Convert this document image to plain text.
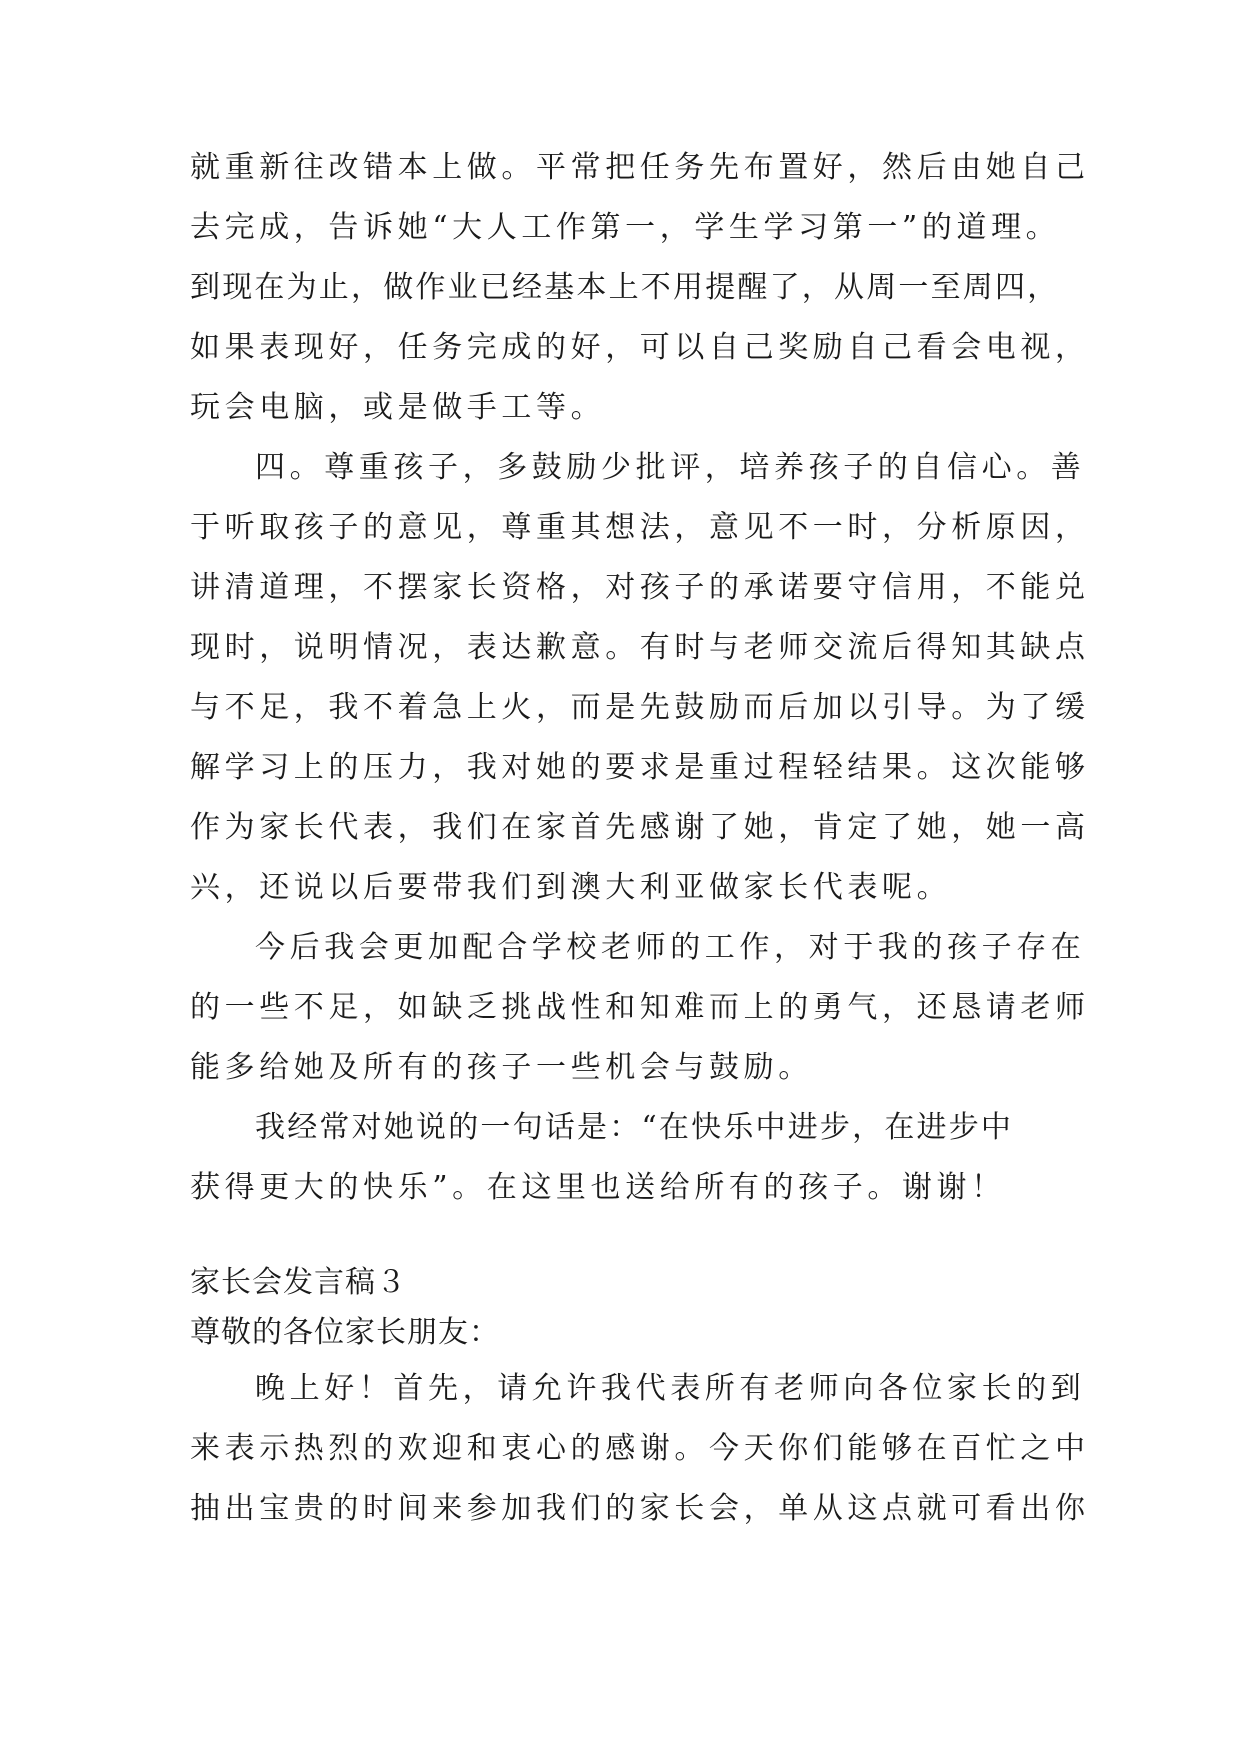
就重新往改错本上做。平常把任务先布置好，然后由她自己
去完成，告诉她“大人工作第一，学生学习第一”的道理。
到现在为止，做作业已经基本上不用提醒了，从周一至周四，
如果表现好，任务完成的好，可以自己奖励自己看会电视，
玩会电脑，或是做手工等。
四。尊重孩子，多鼓励少批评，培养孩子的自信心。善
于听取孩子的意见，尊重其想法，意见不一时，分析原因，
讲清道理，不摆家长资格，对孩子的承诺要守信用，不能兑
现时，说明情况，表达歉意。有时与老师交流后得知其缺点
与不足，我不着急上火，而是先鼓励而后加以引导。为了缓
解学习上的压力，我对她的要求是重过程轻结果。这次能够
作为家长代表，我们在家首先感谢了她，肯定了她，她一高
兴，还说以后要带我们到澳大利亚做家长代表呢。
今后我会更加配合学校老师的工作，对于我的孩子存在
的一些不足，如缺乏挑战性和知难而上的勇气，还恳请老师
能多给她及所有的孩子一些机会与鼓励。
我经常对她说的一句话是：“在快乐中进步，在进步中
获得更大的快乐”。在这里也送给所有的孩子。谢谢！
家长会发言稿３
尊敬的各位家长朋友：
晚上好！首先，请允许我代表所有老师向各位家长的到
来表示热烈的欢迎和衷心的感谢。今天你们能够在百忙之中
抽出宝贵的时间来参加我们的家长会，单从这点就可看出你
